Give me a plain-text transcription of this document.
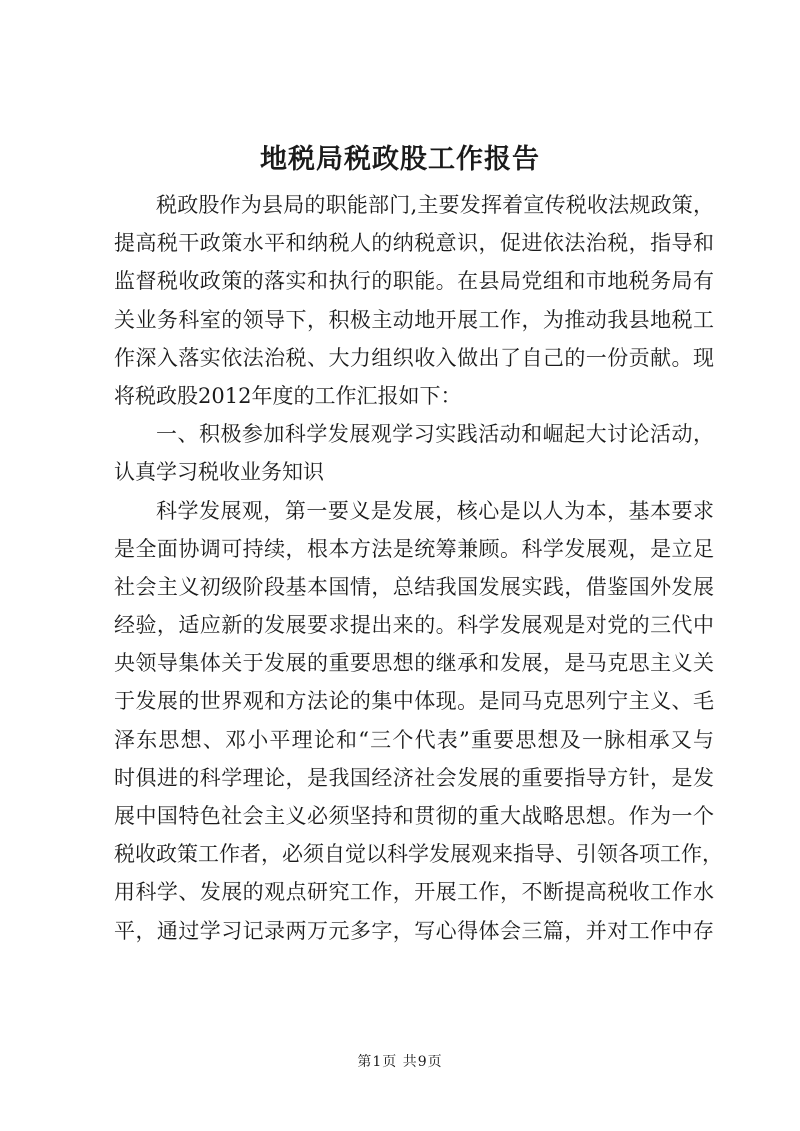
地税局税政股工作报告
税政股作为县局的职能部门,主要发挥着宣传税收法规政策，
提高税干政策水平和纳税人的纳税意识，促进依法治税，指导和
监督税收政策的落实和执行的职能。在县局党组和市地税务局有
关业务科室的领导下，积极主动地开展工作，为推动我县地税工
作深入落实依法治税、大力组织收入做出了自己的一份贡献。现
将税政股2012年度的工作汇报如下：
一、积极参加科学发展观学习实践活动和崛起大讨论活动，
认真学习税收业务知识
科学发展观，第一要义是发展，核心是以人为本，基本要求
是全面协调可持续，根本方法是统筹兼顾。科学发展观，是立足
社会主义初级阶段基本国情，总结我国发展实践，借鉴国外发展
经验，适应新的发展要求提出来的。科学发展观是对党的三代中
央领导集体关于发展的重要思想的继承和发展，是马克思主义关
于发展的世界观和方法论的集中体现。是同马克思列宁主义、毛
泽东思想、邓小平理论和“三个代表”重要思想及一脉相承又与
时俱进的科学理论，是我国经济社会发展的重要指导方针，是发
展中国特色社会主义必须坚持和贯彻的重大战略思想。作为一个
税收政策工作者，必须自觉以科学发展观来指导、引领各项工作，
用科学、发展的观点研究工作，开展工作，不断提高税收工作水
平，通过学习记录两万元多字，写心得体会三篇，并对工作中存
第1页 共9页
